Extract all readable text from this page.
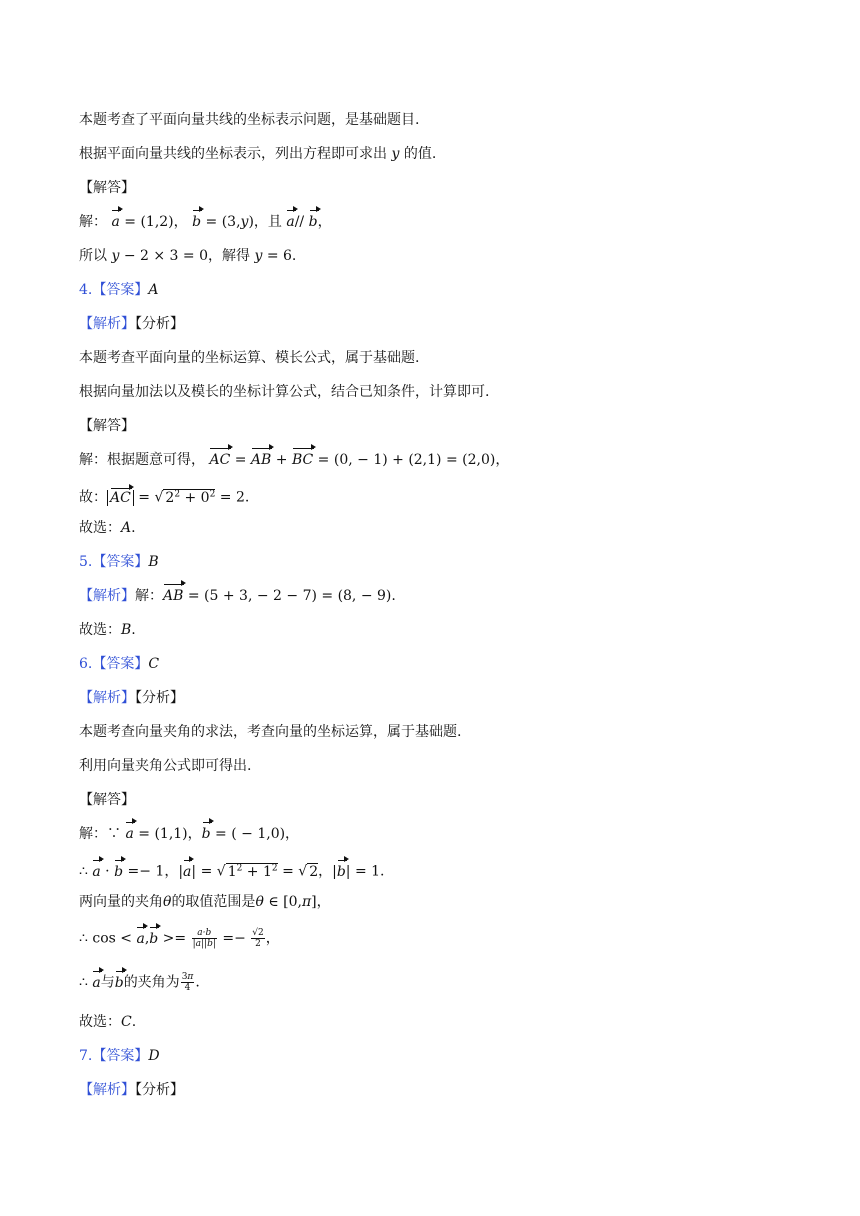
本题考查了平面向量共线的坐标表示问题，是基础题目.
根据平面向量共线的坐标表示，列出方程即可求出 y 的值.
【解答】
解： a = (1,2)， b = (3,y)，且 a// b，
所以 y − 2 × 3 = 0，解得 y = 6.
4.【答案】A
【解析】【分析】
本题考查平面向量的坐标运算、模长公式，属于基础题.
根据向量加法以及模长的坐标计算公式，结合已知条件，计算即可.
【解答】
解：根据题意可得， AC = AB + BC = (0, − 1) + (2,1) = (2,0)，
故： AC = √ $2^2 + 0^2 = 2$.
故选：A.
5.【答案】B
【解析】解：AB = (5 + 3, − 2 − 7) = (8, − 9).
故选：B.
6.【答案】C
【解析】【分析】
本题考查向量夹角的求法，考查向量的坐标运算，属于基础题.
利用向量夹角公式即可得出.
【解答】
解：∵ a = (1,1)，b = ( − 1,0)，
∴ a · b =− 1，|a| = √ $1^2 + 1^2$ = √ 2，|b| = 1.
两向量的夹角θ的取值范围是θ ∈ [0,π]，
∴ $\cos < a,b >= \frac{a\cdot b}{|a||b|} =- \frac{√2}{2}$ ，
∴ a与b的夹角为 $\frac{3\pi}{4}$ .
故选：C.
7.【答案】D
【解析】【分析】
